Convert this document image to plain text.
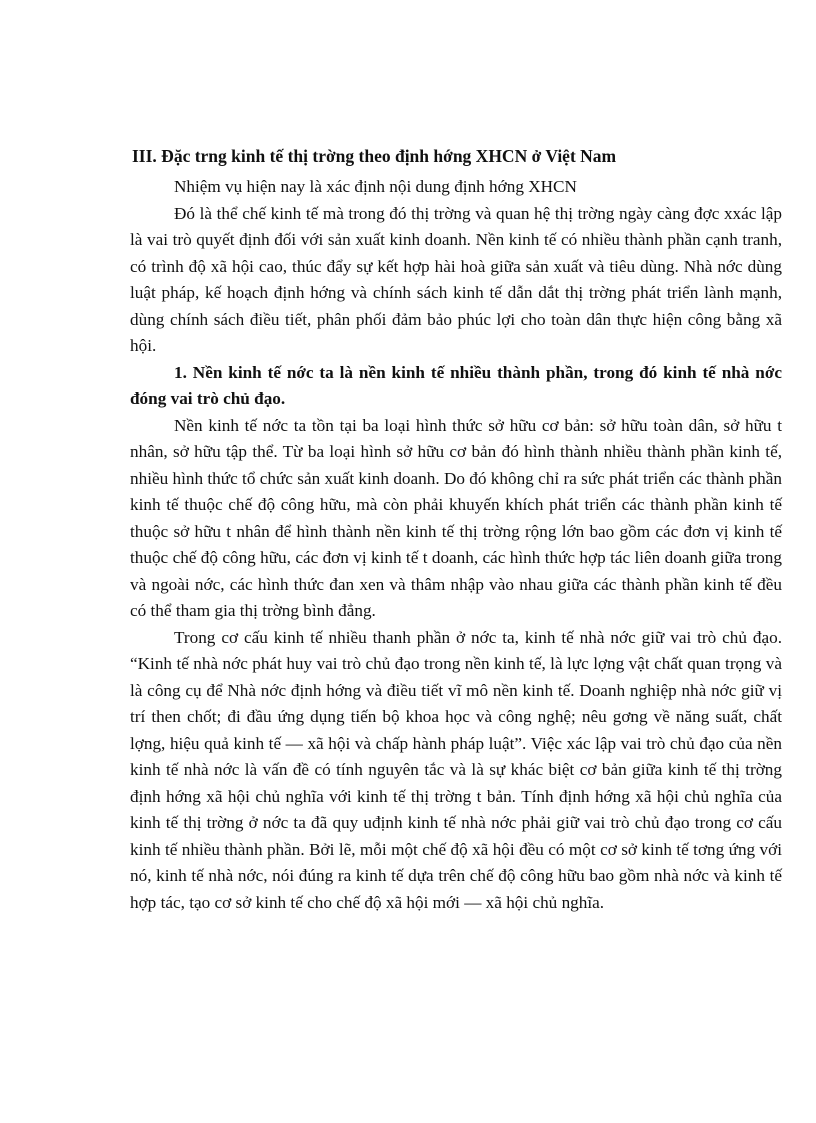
III. Đặc trng kinh tế thị trờng theo định hớng XHCN ở Việt Nam

Nhiệm vụ hiện nay là xác định nội dung định hớng XHCN

Đó là thể chế kinh tế mà trong đó thị trờng và quan hệ thị trờng ngày càng đợc xxác lập là vai trò quyết định đối với sản xuất kinh doanh. Nền kinh tế có nhiều thành phần cạnh tranh, có trình độ xã hội cao, thúc đẩy sự kết hợp hài hoà giữa sản xuất và tiêu dùng. Nhà nớc dùng luật pháp, kế hoạch định hớng và chính sách kinh tế dẫn dắt thị trờng phát triển lành mạnh, dùng chính sách điều tiết, phân phối đảm bảo phúc lợi cho toàn dân thực hiện công bằng xã hội.

1. Nền kinh tế nớc ta là nền kinh tế nhiều thành phần, trong đó kinh tế nhà nớc đóng vai trò chủ đạo.

Nền kinh tế nớc ta tồn tại ba loại hình thức sở hữu cơ bản: sở hữu toàn dân, sở hữu t nhân, sở hữu tập thể. Từ ba loại hình sở hữu cơ bản đó hình thành nhiều thành phần kinh tế, nhiều hình thức tổ chức sản xuất kinh doanh. Do đó không chỉ ra sức phát triển các thành phần kinh tế thuộc chế độ công hữu, mà còn phải khuyến khích phát triển các thành phần kinh tế thuộc sở hữu t nhân để hình thành nền kinh tế thị trờng rộng lớn bao gồm các đơn vị kinh tế thuộc chế độ công hữu, các đơn vị kinh tế t doanh, các hình thức hợp tác liên doanh giữa trong và ngoài nớc, các hình thức đan xen và thâm nhập vào nhau giữa các thành phần kinh tế đều có thể tham gia thị trờng bình đẳng.

Trong cơ cấu kinh tế nhiều thanh phần ở nớc ta, kinh tế nhà nớc giữ vai trò chủ đạo. “Kinh tế nhà nớc phát huy vai trò chủ đạo trong nền kinh tế, là lực lợng vật chất quan trọng và là công cụ để Nhà nớc định hớng và điều tiết vĩ mô nền kinh tế. Doanh nghiệp nhà nớc giữ vị trí then chốt; đi đầu ứng dụng tiến bộ khoa học và công nghệ; nêu gơng về năng suất, chất lợng, hiệu quả kinh tế — xã hội và chấp hành pháp luật”. Việc xác lập vai trò chủ đạo của nền kinh tế nhà nớc là vấn đề có tính nguyên tắc và là sự khác biệt cơ bản giữa kinh tế thị trờng định hớng xã hội chủ nghĩa với kinh tế thị trờng t bản. Tính định hớng xã hội chủ nghĩa của kinh tế thị trờng ở nớc ta đã quy uđịnh kinh tế nhà nớc phải giữ vai trò chủ đạo trong cơ cấu kinh tế nhiều thành phần. Bởi lẽ, mỗi một chế độ xã hội đều có một cơ sở kinh tế tơng ứng với nó, kinh tế nhà nớc, nói đúng ra kinh tế dựa trên chế độ công hữu bao gồm nhà nớc và kinh tế hợp tác, tạo cơ sở kinh tế cho chế độ xã hội mới — xã hội chủ nghĩa.
